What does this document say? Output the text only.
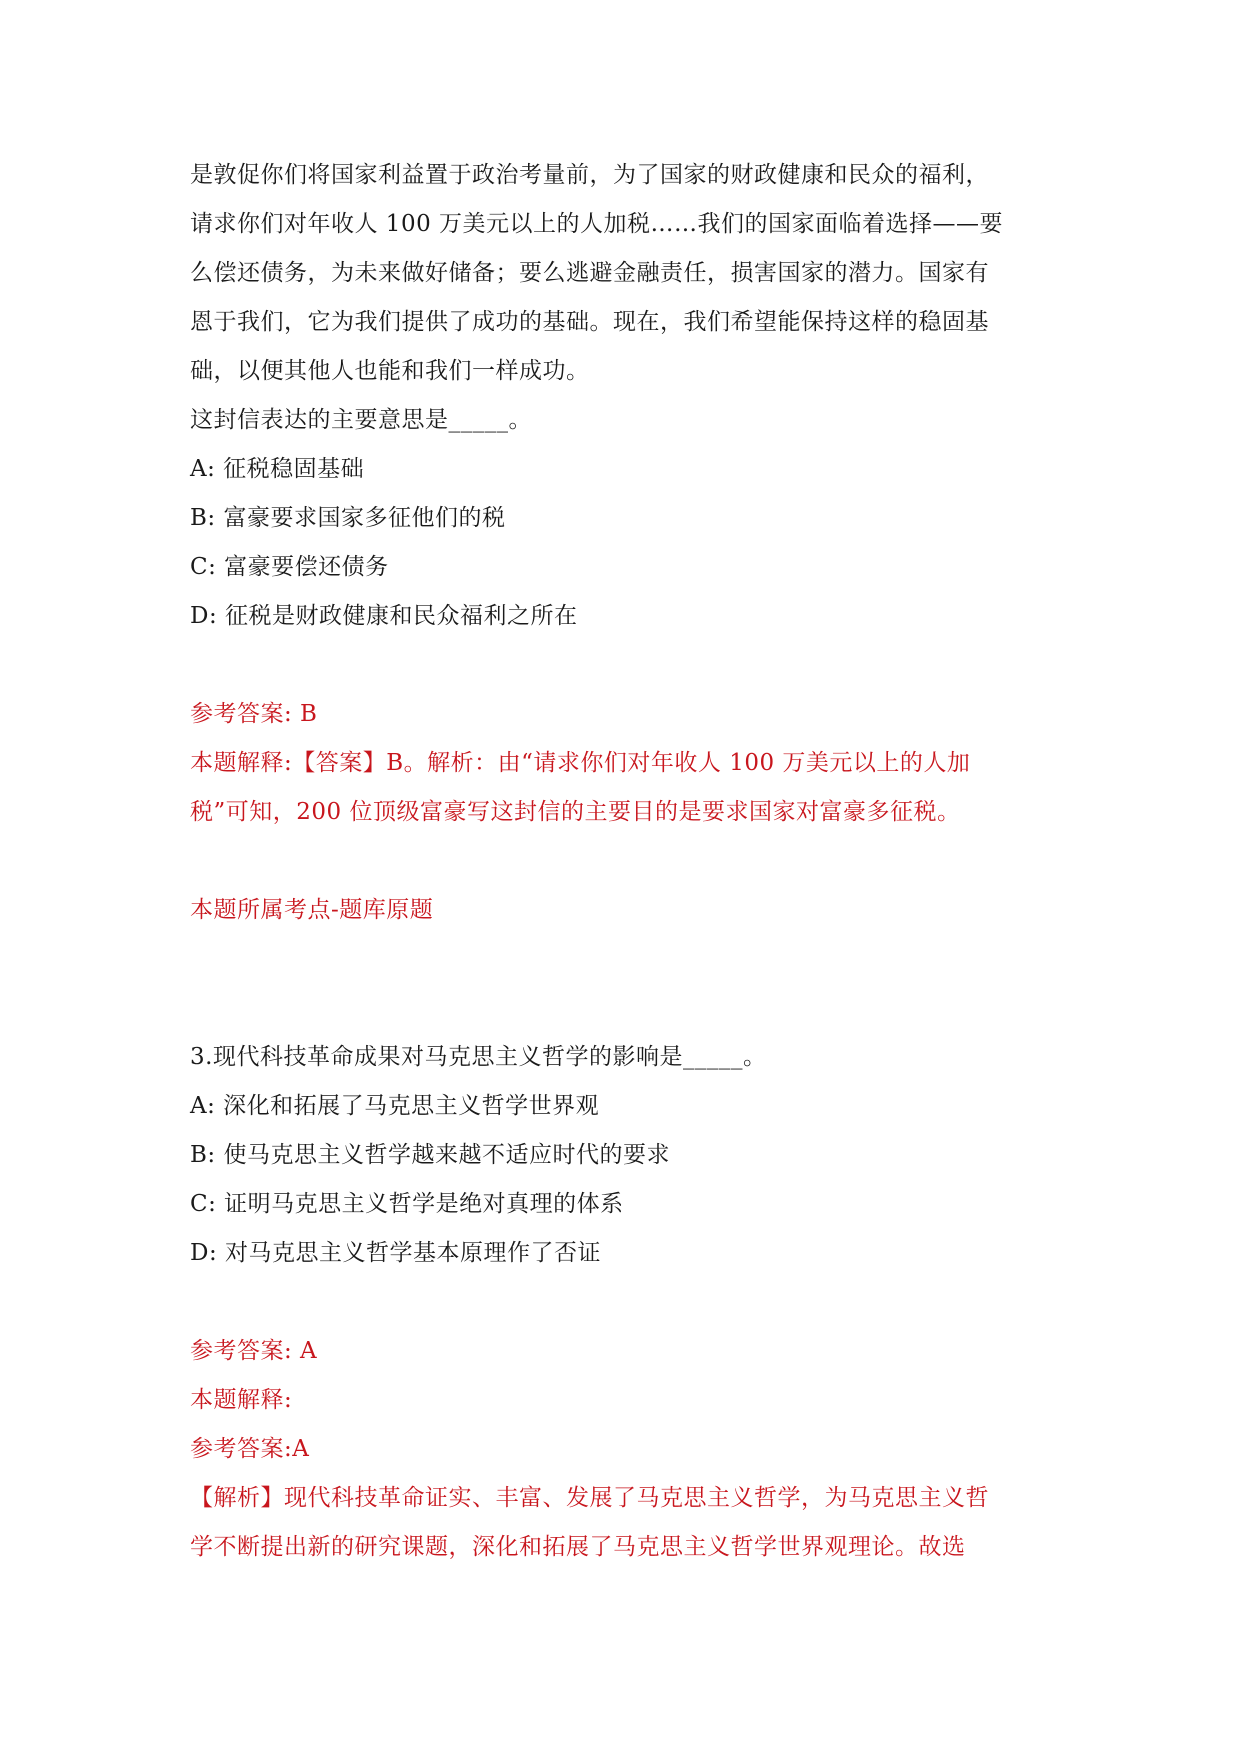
是敦促你们将国家利益置于政治考量前，为了国家的财政健康和民众的福利，
请求你们对年收人 100 万美元以上的人加税……我们的国家面临着选择——要
么偿还债务，为未来做好储备；要么逃避金融责任，损害国家的潜力。国家有
恩于我们，它为我们提供了成功的基础。现在，我们希望能保持这样的稳固基
础，以便其他人也能和我们一样成功。
这封信表达的主要意思是_____。
A: 征税稳固基础
B: 富豪要求国家多征他们的税
C: 富豪要偿还债务
D: 征税是财政健康和民众福利之所在
参考答案: B
本题解释:【答案】B。解析：由“请求你们对年收人 100 万美元以上的人加
税”可知，200 位顶级富豪写这封信的主要目的是要求国家对富豪多征税。
本题所属考点-题库原题
3.现代科技革命成果对马克思主义哲学的影响是_____。
A: 深化和拓展了马克思主义哲学世界观
B: 使马克思主义哲学越来越不适应时代的要求
C: 证明马克思主义哲学是绝对真理的体系
D: 对马克思主义哲学基本原理作了否证
参考答案: A
本题解释:
参考答案:A
【解析】现代科技革命证实、丰富、发展了马克思主义哲学，为马克思主义哲
学不断提出新的研究课题，深化和拓展了马克思主义哲学世界观理论。故选
